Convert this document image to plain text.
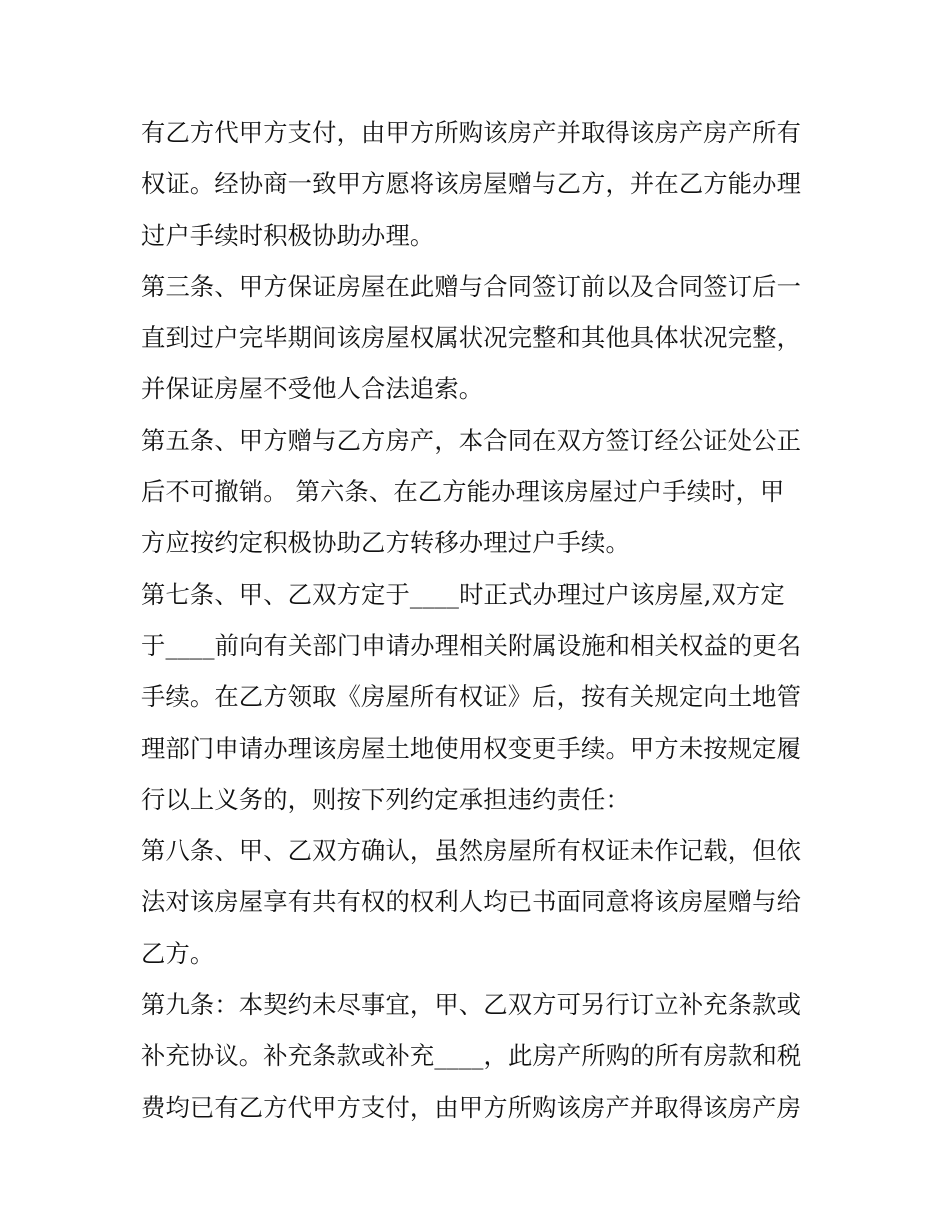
有乙方代甲方支付，由甲方所购该房产并取得该房产房产所有
权证。经协商一致甲方愿将该房屋赠与乙方，并在乙方能办理
过户手续时积极协助办理。
第三条、甲方保证房屋在此赠与合同签订前以及合同签订后一
直到过户完毕期间该房屋权属状况完整和其他具体状况完整，
并保证房屋不受他人合法追索。
第五条、甲方赠与乙方房产，本合同在双方签订经公证处公正
后不可撤销。 第六条、在乙方能办理该房屋过户手续时，甲
方应按约定积极协助乙方转移办理过户手续。
第七条、甲、乙双方定于____时正式办理过户该房屋,双方定
于____前向有关部门申请办理相关附属设施和相关权益的更名
手续。在乙方领取《房屋所有权证》后，按有关规定向土地管
理部门申请办理该房屋土地使用权变更手续。甲方未按规定履
行以上义务的，则按下列约定承担违约责任：
第八条、甲、乙双方确认，虽然房屋所有权证未作记载，但依
法对该房屋享有共有权的权利人均已书面同意将该房屋赠与给
乙方。
第九条：本契约未尽事宜，甲、乙双方可另行订立补充条款或
补充协议。补充条款或补充____，此房产所购的所有房款和税
费均已有乙方代甲方支付，由甲方所购该房产并取得该房产房
